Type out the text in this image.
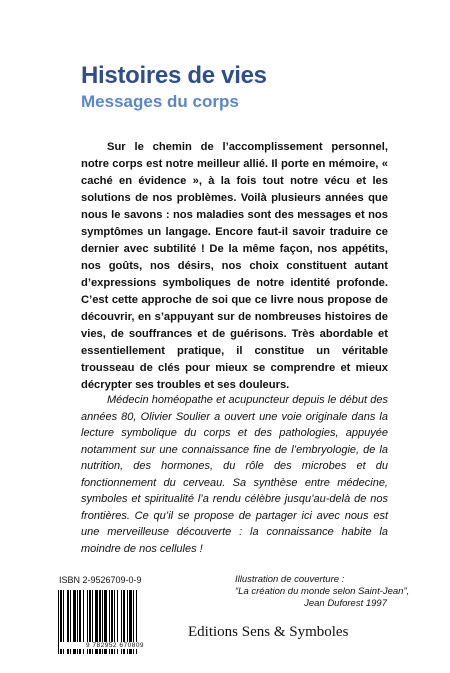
Histoires de vies
Messages du corps

Sur le chemin de l’accomplissement personnel, notre corps est notre meilleur allié. Il porte en mémoire, « caché en évidence », à la fois tout notre vécu et les solutions de nos problèmes. Voilà plusieurs années que nous le savons : nos maladies sont des messages et nos symptômes un langage. Encore faut-il savoir traduire ce dernier avec subtilité ! De la même façon, nos appétits, nos goûts, nos désirs, nos choix constituent autant d’expressions symboliques de notre identité profonde. C’est cette approche de soi que ce livre nous propose de découvrir, en s’appuyant sur de nombreuses histoires de vies, de souffrances et de guérisons. Très abordable et essentiellement pratique, il constitue un véritable trousseau de clés pour mieux se comprendre et mieux décrypter ses troubles et ses douleurs.

Médecin homéopathe et acupuncteur depuis le début des années 80, Olivier Soulier a ouvert une voie originale dans la lecture symbolique du corps et des pathologies, appuyée notamment sur une connaissance fine de l’embryologie, de la nutrition, des hormones, du rôle des microbes et du fonctionnement du cerveau. Sa synthèse entre médecine, symboles et spiritualité l’a rendu célèbre jusqu’au-delà de nos frontières. Ce qu’il se propose de partager ici avec nous est une merveilleuse découverte : la connaissance habite la moindre de nos cellules !

ISBN 2-9526709-0-9

9 782952 670809

Illustration de couverture :
“La création du monde selon Saint-Jean”,
Jean Duforest 1997

Editions Sens & Symboles
